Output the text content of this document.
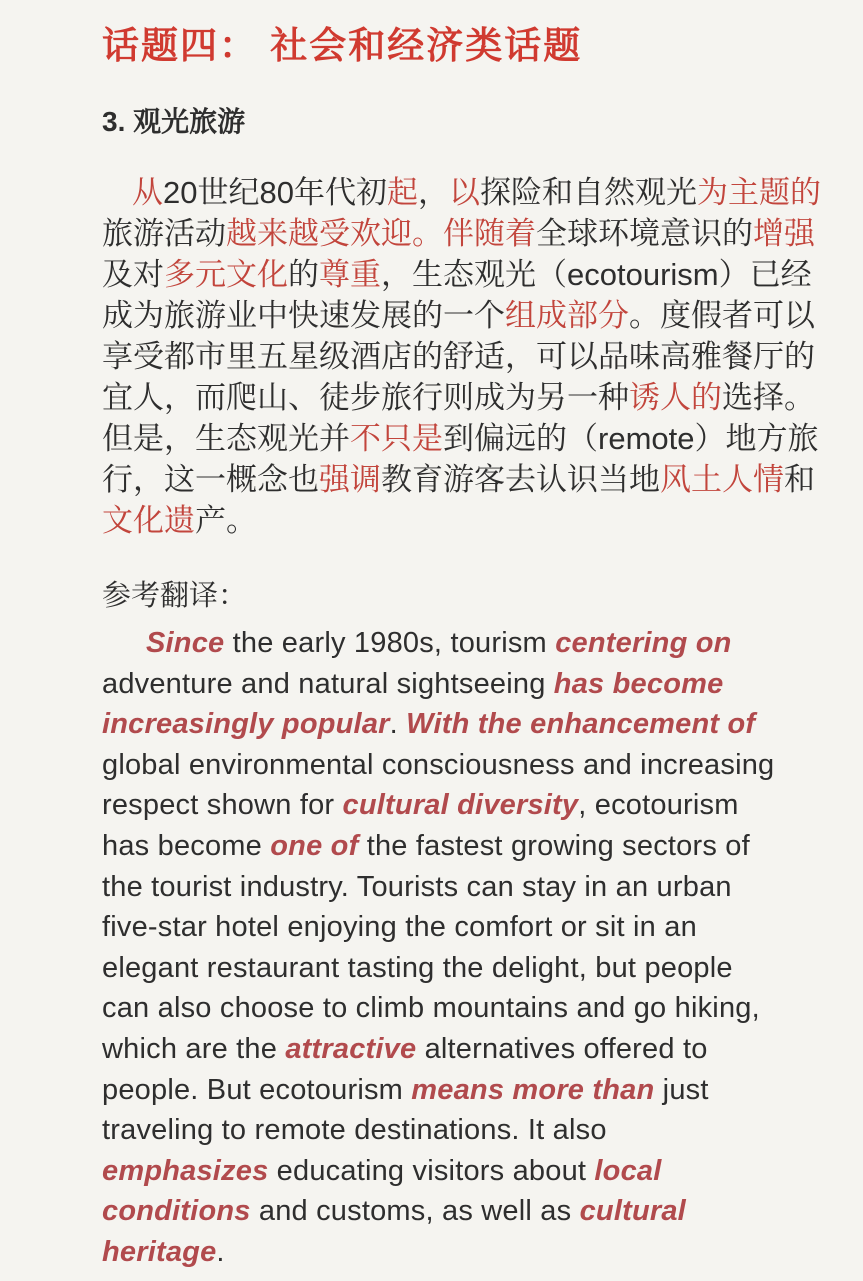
话题四： 社会和经济类话题
3. 观光旅游
从20世纪80年代初起，以探险和自然观光为主题的
旅游活动越来越受欢迎。伴随着全球环境意识的增强
及对多元文化的尊重，生态观光（ecotourism）已经
成为旅游业中快速发展的一个组成部分。度假者可以
享受都市里五星级酒店的舒适，可以品味高雅餐厅的
宜人，而爬山、徒步旅行则成为另一种诱人的选择。
但是，生态观光并不只是到偏远的（remote）地方旅
行，这一概念也强调教育游客去认识当地风土人情和
文化遗产。
参考翻译：
Since the early 1980s, tourism centering on
adventure and natural sightseeing has become
increasingly popular. With the enhancement of
global environmental consciousness and increasing
respect shown for cultural diversity, ecotourism
has become one of the fastest growing sectors of
the tourist industry. Tourists can stay in an urban
five-star hotel enjoying the comfort or sit in an
elegant restaurant tasting the delight, but people
can also choose to climb mountains and go hiking,
which are the attractive alternatives offered to
people. But ecotourism means more than just
traveling to remote destinations. It also
emphasizes educating visitors about local
conditions and customs, as well as cultural
heritage.
